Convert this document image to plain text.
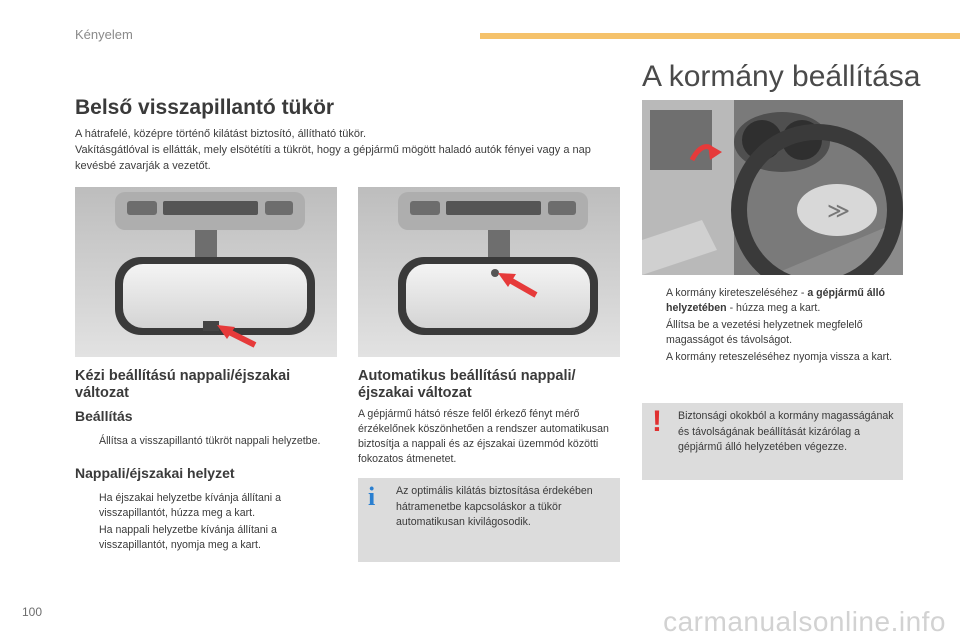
Kényelem
Belső visszapillantó tükör
A hátrafelé, középre történő kilátást biztosító, állítható tükör.
Vakításgátlóval is ellátták, mely elsötétíti a tükröt, hogy a gépjármű mögött haladó autók fényei vagy a nap kevésbé zavarják a vezetőt.
Kézi beállítású nappali/éjszakai változat
Beállítás
Állítsa a visszapillantó tükröt nappali helyzetbe.
Nappali/éjszakai helyzet
Ha éjszakai helyzetbe kívánja állítani a visszapillantót, húzza meg a kart.
Ha nappali helyzetbe kívánja állítani a visszapillantót, nyomja meg a kart.
Automatikus beállítású nappali/éjszakai változat
A gépjármű hátsó része felől érkező fényt mérő érzékelőnek köszönhetően a rendszer automatikusan biztosítja a nappali és az éjszakai üzemmód közötti fokozatos átmenetet.
i Az optimális kilátás biztosítása érdekében hátramenetbe kapcsoláskor a tükör automatikusan kivilágosodik.
A kormány beállítása
≫
A kormány kireteszeléséhez - a gépjármű álló helyzetében - húzza meg a kart.
Állítsa be a vezetési helyzetnek megfelelő magasságot és távolságot.
A kormány reteszeléséhez nyomja vissza a kart.
! Biztonsági okokból a kormány magasságának és távolságának beállítását kizárólag a gépjármű álló helyzetében végezze.
100	carmanualsonline.info
